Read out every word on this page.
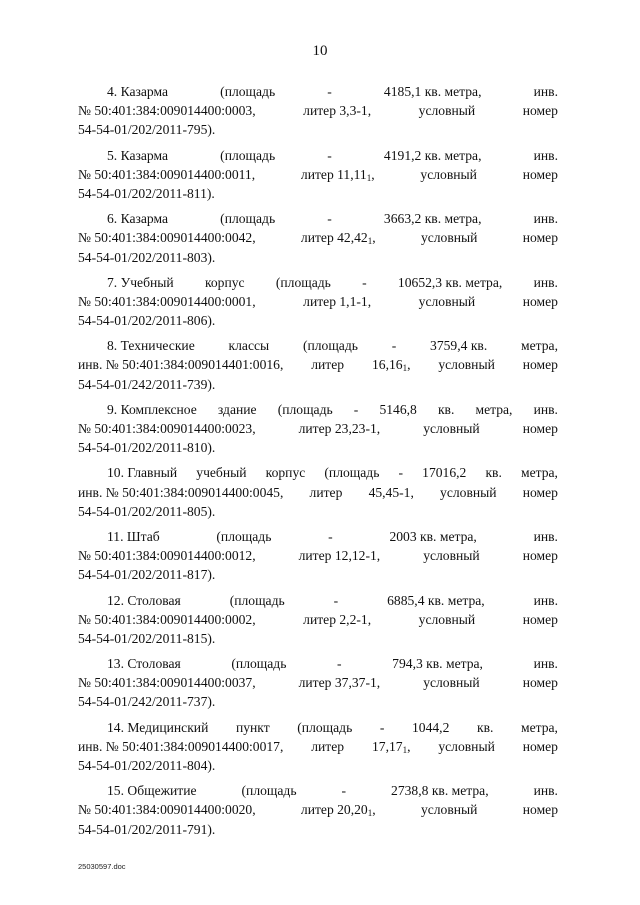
10
4. Казарма	(площадь	-	4185,1 кв. метра,	инв.
№ 50:401:384:009014400:0003,	литер 3,3-1,	условный	номер
54-54-01/202/2011-795).
5. Казарма	(площадь	-	4191,2 кв. метра,	инв.
№ 50:401:384:009014400:0011,	литер $11,11_1$,	условный	номер
54-54-01/202/2011-811).
6. Казарма	(площадь	-	3663,2 кв. метра,	инв.
№ 50:401:384:009014400:0042,	литер $42,42_1$,	условный	номер
54-54-01/202/2011-803).
7. Учебный корпус (площадь - 10652,3 кв. метра, инв.
№ 50:401:384:009014400:0001,	литер 1,1-1,	условный	номер
54-54-01/202/2011-806).
8. Технические классы (площадь - 3759,4 кв. метра,
инв. № 50:401:384:009014401:0016, литер $16,16_1$, условный номер
54-54-01/242/2011-739).
9. Комплексное здание (площадь - 5146,8 кв. метра, инв.
№ 50:401:384:009014400:0023,	литер 23,23-1,	условный	номер
54-54-01/202/2011-810).
10. Главный учебный корпус (площадь - 17016,2 кв. метра,
инв. № 50:401:384:009014400:0045, литер 45,45-1, условный номер
54-54-01/202/2011-805).
11. Штаб	(площадь	-	2003 кв. метра,	инв.
№ 50:401:384:009014400:0012,	литер 12,12-1,	условный	номер
54-54-01/202/2011-817).
12. Столовая	(площадь	-	6885,4 кв. метра,	инв.
№ 50:401:384:009014400:0002,	литер 2,2-1,	условный	номер
54-54-01/202/2011-815).
13. Столовая	(площадь	-	794,3 кв. метра,	инв.
№ 50:401:384:009014400:0037,	литер 37,37-1,	условный	номер
54-54-01/242/2011-737).
14. Медицинский пункт (площадь - 1044,2 кв. метра,
инв. № 50:401:384:009014400:0017, литер $17,17_1$, условный номер
54-54-01/202/2011-804).
15. Общежитие	(площадь	-	2738,8 кв. метра,	инв.
№ 50:401:384:009014400:0020,	литер $20,20_1$,	условный	номер
54-54-01/202/2011-791).
25030597.doc
